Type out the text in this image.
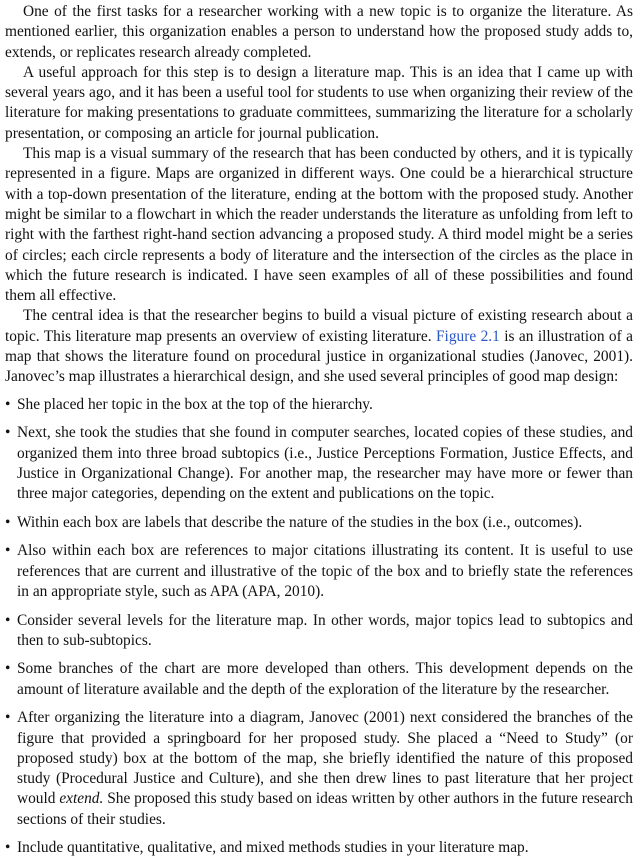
One of the first tasks for a researcher working with a new topic is to organize the literature. As mentioned earlier, this organization enables a person to understand how the proposed study adds to, extends, or replicates research already completed.

A useful approach for this step is to design a literature map. This is an idea that I came up with several years ago, and it has been a useful tool for students to use when organizing their review of the literature for making presentations to graduate committees, summarizing the literature for a scholarly presentation, or composing an article for journal publication.

This map is a visual summary of the research that has been conducted by others, and it is typically represented in a figure. Maps are organized in different ways. One could be a hierarchical structure with a top-down presentation of the literature, ending at the bottom with the proposed study. Another might be similar to a flowchart in which the reader understands the literature as unfolding from left to right with the farthest right-hand section advancing a proposed study. A third model might be a series of circles; each circle represents a body of literature and the intersection of the circles as the place in which the future research is indicated. I have seen examples of all of these possibilities and found them all effective.

The central idea is that the researcher begins to build a visual picture of existing research about a topic. This literature map presents an overview of existing literature. Figure 2.1 is an illustration of a map that shows the literature found on procedural justice in organizational studies (Janovec, 2001). Janovec’s map illustrates a hierarchical design, and she used several principles of good map design:

• She placed her topic in the box at the top of the hierarchy.
• Next, she took the studies that she found in computer searches, located copies of these studies, and organized them into three broad subtopics (i.e., Justice Perceptions Formation, Justice Effects, and Justice in Organizational Change). For another map, the researcher may have more or fewer than three major categories, depending on the extent and publications on the topic.
• Within each box are labels that describe the nature of the studies in the box (i.e., outcomes).
• Also within each box are references to major citations illustrating its content. It is useful to use references that are current and illustrative of the topic of the box and to briefly state the references in an appropriate style, such as APA (APA, 2010).
• Consider several levels for the literature map. In other words, major topics lead to subtopics and then to sub-subtopics.
• Some branches of the chart are more developed than others. This development depends on the amount of literature available and the depth of the exploration of the literature by the researcher.
• After organizing the literature into a diagram, Janovec (2001) next considered the branches of the figure that provided a springboard for her proposed study. She placed a “Need to Study” (or proposed study) box at the bottom of the map, she briefly identified the nature of this proposed study (Procedural Justice and Culture), and she then drew lines to past literature that her project would extend. She proposed this study based on ideas written by other authors in the future research sections of their studies.
• Include quantitative, qualitative, and mixed methods studies in your literature map.
